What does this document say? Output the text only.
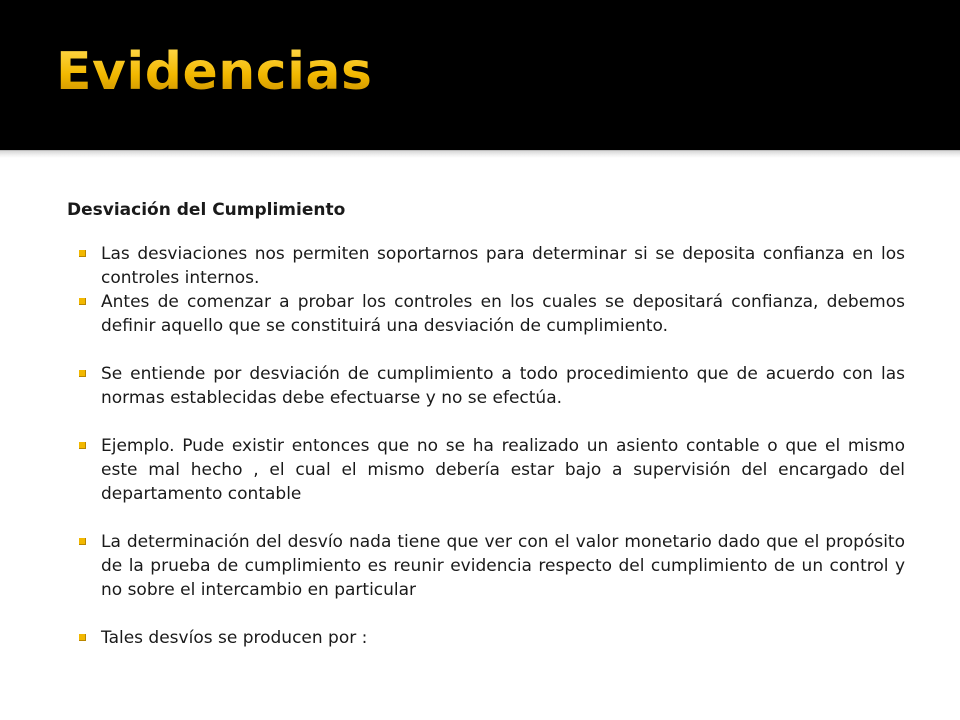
Evidencias
Desviación del Cumplimiento
Las desviaciones nos permiten soportarnos para determinar si se deposita confianza en los controles internos.
Antes de comenzar a probar los controles en los cuales se depositará confianza, debemos definir aquello que se constituirá una desviación de cumplimiento.
Se entiende por desviación de cumplimiento a todo procedimiento que de acuerdo con las normas establecidas debe efectuarse y no se efectúa.
Ejemplo. Pude existir entonces que no se ha realizado un asiento contable o que el mismo este mal hecho , el cual el mismo debería estar bajo a supervisión del encargado del departamento contable
La determinación del desvío nada tiene que ver con el valor monetario dado que el propósito de la prueba de cumplimiento es reunir evidencia respecto del cumplimiento de un control y no sobre el intercambio en particular
Tales desvíos se producen por :
